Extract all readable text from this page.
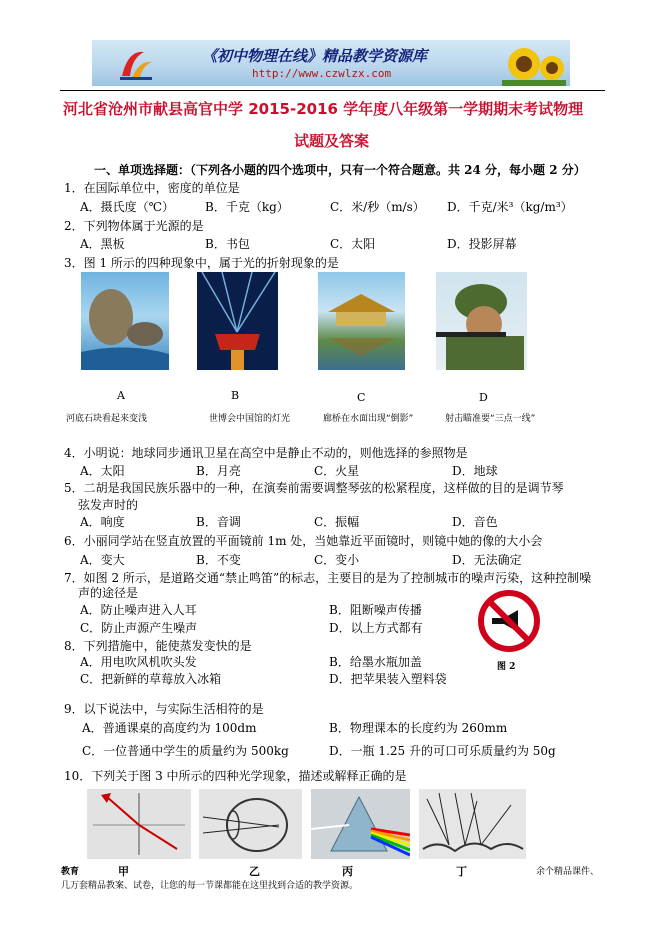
《初中物理在线》精品教学资源库
http://www.czwlzx.com
河北省沧州市献县高官中学 2015-2016 学年度八年级第一学期期末考试物理
试题及答案
一、单项选择题：（下列各小题的四个选项中，只有一个符合题意。共 24 分，每小题 2 分）
1．在国际单位中，密度的单位是
A．摄氏度（℃）	B．千克（kg）	C．米/秒（m/s） D．千克/米³（kg/m³）
2．下列物体属于光源的是
A．黑板	B．书包	C．太阳	D．投影屏幕
3．图 1 所示的四种现象中，属于光的折射现象的是
A	B	C	D
河底石块看起来变浅	世博会中国馆的灯光	廊桥在水面出现“倒影”	射击瞄准要“三点一线”
4．小明说：地球同步通讯卫星在高空中是静止不动的，则他选择的参照物是
A．太阳	B．月亮	C．火星	D．地球
5．二胡是我国民族乐器中的一种，在演奏前需要调整琴弦的松紧程度，这样做的目的是调节琴
弦发声时的
A．响度	B．音调	C．振幅	D．音色
6．小丽同学站在竖直放置的平面镜前 1m 处，当她靠近平面镜时，则镜中她的像的大小会
A．变大	B．不变	C．变小	D．无法确定
7．如图 2 所示，是道路交通“禁止鸣笛”的标志，主要目的是为了控制城市的噪声污染，这种控制噪
声的途径是
A．防止噪声进入人耳	B．阻断噪声传播
C．防止声源产生噪声	D．以上方式都有
图 2
8．下列措施中，能使蒸发变快的是
A．用电吹风机吹头发	B．给墨水瓶加盖
C．把新鲜的草莓放入冰箱	D．把苹果装入塑料袋
9．以下说法中，与实际生活相符的是
A．普通课桌的高度约为 100dm	B．物理课本的长度约为 260mm
C．一位普通中学生的质量约为 500kg	D．一瓶 1.25 升的可口可乐质量约为 50g
10．下列关于图 3 中所示的四种光学现象，描述或解释正确的是
甲	乙	丙	丁
教育	余个精品课件、
几万套精品教案、试卷，让您的每一节课都能在这里找到合适的教学资源。
